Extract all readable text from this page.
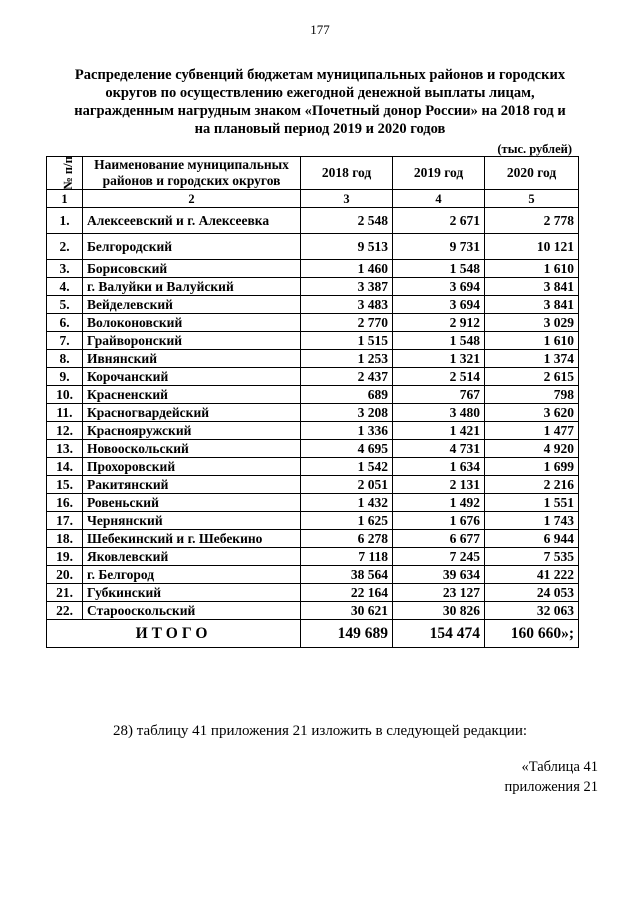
177
Распределение субвенций бюджетам муниципальных районов и городских
округов по осуществлению ежегодной денежной выплаты лицам,
награжденным нагрудным знаком «Почетный донор России» на 2018 год и
на плановый период 2019 и 2020 годов
(тыс. рублей)
№ п/п	Наименование муниципальных районов и городских округов	2018 год	2019 год	2020 год
1	2	3	4	5
1.	Алексеевский и г. Алексеевка	2 548	2 671	2 778
2.	Белгородский	9 513	9 731	10 121
3.	Борисовский	1 460	1 548	1 610
4.	г. Валуйки и Валуйский	3 387	3 694	3 841
5.	Вейделевский	3 483	3 694	3 841
6.	Волоконовский	2 770	2 912	3 029
7.	Грайворонский	1 515	1 548	1 610
8.	Ивнянский	1 253	1 321	1 374
9.	Корочанский	2 437	2 514	2 615
10.	Красненский	689	767	798
11.	Красногвардейский	3 208	3 480	3 620
12.	Краснояружский	1 336	1 421	1 477
13.	Новооскольский	4 695	4 731	4 920
14.	Прохоровский	1 542	1 634	1 699
15.	Ракитянский	2 051	2 131	2 216
16.	Ровеньский	1 432	1 492	1 551
17.	Чернянский	1 625	1 676	1 743
18.	Шебекинский и г. Шебекино	6 278	6 677	6 944
19.	Яковлевский	7 118	7 245	7 535
20.	г. Белгород	38 564	39 634	41 222
21.	Губкинский	22 164	23 127	24 053
22.	Старооскольский	30 621	30 826	32 063
ИТОГО		149 689	154 474	160 660»;
28) таблицу 41 приложения 21 изложить в следующей редакции:
«Таблица 41
приложения 21
